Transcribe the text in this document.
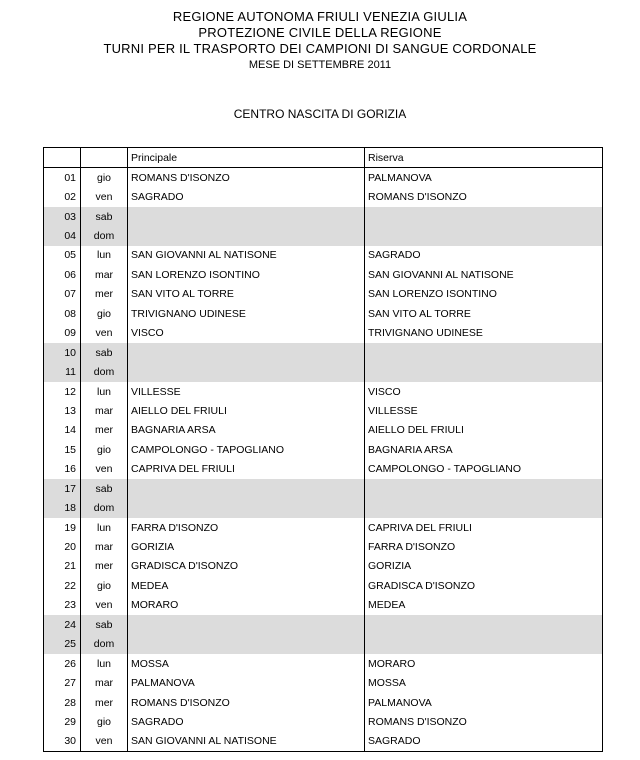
REGIONE AUTONOMA FRIULI VENEZIA GIULIA
PROTEZIONE CIVILE DELLA REGIONE
TURNI PER IL TRASPORTO DEI CAMPIONI DI SANGUE CORDONALE
MESE DI SETTEMBRE 2011
CENTRO NASCITA DI GORIZIA
		Principale	Riserva
01	gio	ROMANS D'ISONZO	PALMANOVA
02	ven	SAGRADO	ROMANS D'ISONZO
03	sab		
04	dom		
05	lun	SAN GIOVANNI AL NATISONE	SAGRADO
06	mar	SAN LORENZO ISONTINO	SAN GIOVANNI AL NATISONE
07	mer	SAN VITO AL TORRE	SAN LORENZO ISONTINO
08	gio	TRIVIGNANO UDINESE	SAN VITO AL TORRE
09	ven	VISCO	TRIVIGNANO UDINESE
10	sab		
11	dom		
12	lun	VILLESSE	VISCO
13	mar	AIELLO DEL FRIULI	VILLESSE
14	mer	BAGNARIA ARSA	AIELLO DEL FRIULI
15	gio	CAMPOLONGO - TAPOGLIANO	BAGNARIA ARSA
16	ven	CAPRIVA DEL FRIULI	CAMPOLONGO - TAPOGLIANO
17	sab		
18	dom		
19	lun	FARRA D'ISONZO	CAPRIVA DEL FRIULI
20	mar	GORIZIA	FARRA D'ISONZO
21	mer	GRADISCA D'ISONZO	GORIZIA
22	gio	MEDEA	GRADISCA D'ISONZO
23	ven	MORARO	MEDEA
24	sab		
25	dom		
26	lun	MOSSA	MORARO
27	mar	PALMANOVA	MOSSA
28	mer	ROMANS D'ISONZO	PALMANOVA
29	gio	SAGRADO	ROMANS D'ISONZO
30	ven	SAN GIOVANNI AL NATISONE	SAGRADO
